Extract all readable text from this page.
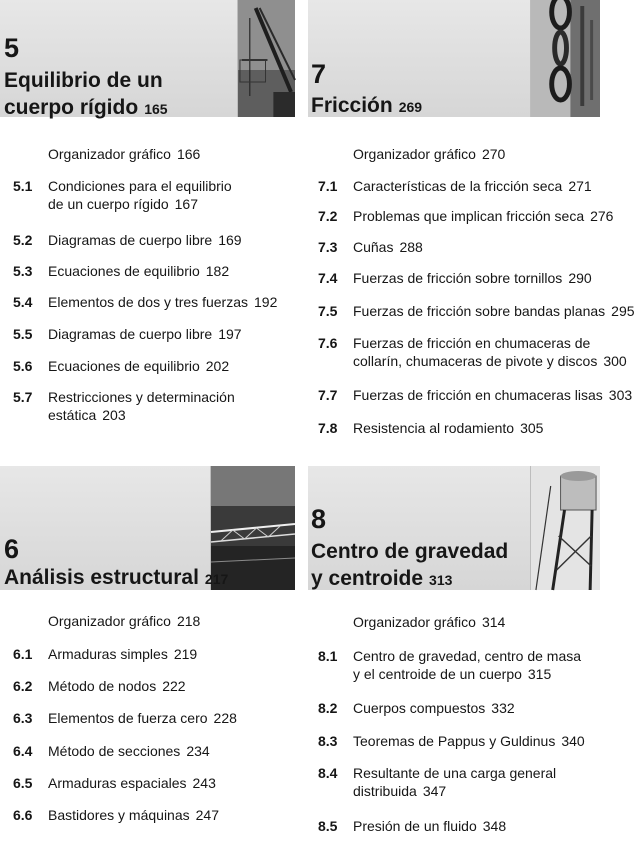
5
Equilibrio de un
cuerpo rígido 165
Organizador gráfico 166
5.1 Condiciones para el equilibrio
de un cuerpo rígido 167
5.2 Diagramas de cuerpo libre 169
5.3 Ecuaciones de equilibrio 182
5.4 Elementos de dos y tres fuerzas 192
5.5 Diagramas de cuerpo libre 197
5.6 Ecuaciones de equilibrio 202
5.7 Restricciones y determinación
estática 203
7
Fricción 269
Organizador gráfico 270
7.1 Características de la fricción seca 271
7.2 Problemas que implican fricción seca 276
7.3 Cuñas 288
7.4 Fuerzas de fricción sobre tornillos 290
7.5 Fuerzas de fricción sobre bandas planas 295
7.6 Fuerzas de fricción en chumaceras de
collarín, chumaceras de pivote y discos 300
7.7 Fuerzas de fricción en chumaceras lisas 303
7.8 Resistencia al rodamiento 305
6
Análisis estructural 217
Organizador gráfico 218
6.1 Armaduras simples 219
6.2 Método de nodos 222
6.3 Elementos de fuerza cero 228
6.4 Método de secciones 234
6.5 Armaduras espaciales 243
6.6 Bastidores y máquinas 247
8
Centro de gravedad
y centroide 313
Organizador gráfico 314
8.1 Centro de gravedad, centro de masa
y el centroide de un cuerpo 315
8.2 Cuerpos compuestos 332
8.3 Teoremas de Pappus y Guldinus 340
8.4 Resultante de una carga general
distribuida 347
8.5 Presión de un fluido 348
